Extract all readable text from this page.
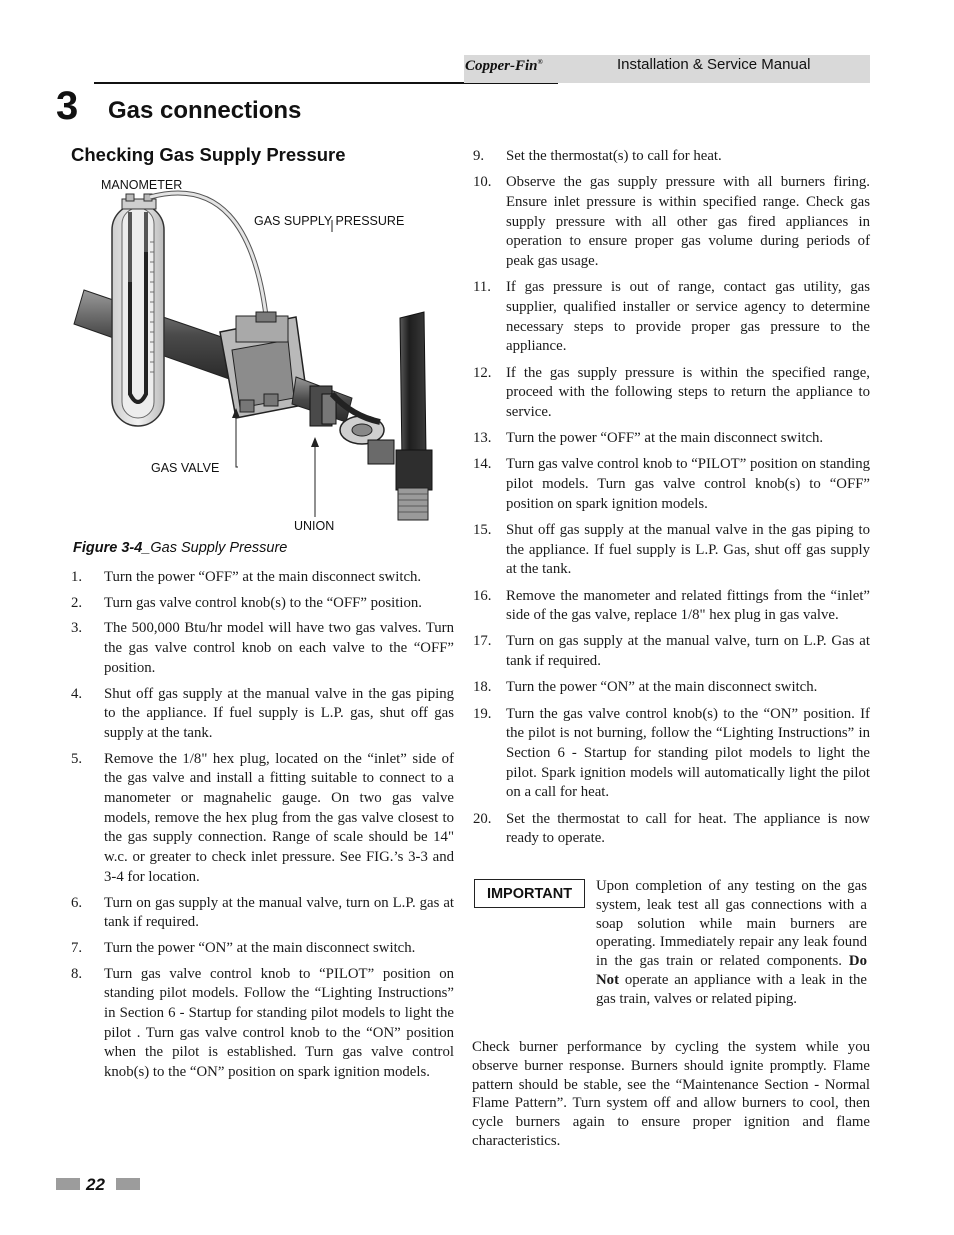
Copper-Fin®	Installation & Service Manual
3 Gas connections
Checking Gas Supply Pressure
MANOMETER
GAS SUPPLY PRESSURE
GAS VALVE
UNION
Figure 3-4_Gas Supply Pressure
1. Turn the power “OFF” at the main disconnect switch.
2. Turn gas valve control knob(s) to the “OFF” position.
3. The 500,000 Btu/hr model will have two gas valves. Turn the gas valve control knob on each valve to the “OFF” position.
4. Shut off gas supply at the manual valve in the gas piping to the appliance. If fuel supply is L.P. gas, shut off gas supply at the tank.
5. Remove the 1/8" hex plug, located on the “inlet” side of the gas valve and install a fitting suitable to connect to a manometer or magnahelic gauge. On two gas valve models, remove the hex plug from the gas valve closest to the gas supply connection. Range of scale should be 14" w.c. or greater to check inlet pressure. See FIG.’s 3-3 and 3-4 for location.
6. Turn on gas supply at the manual valve, turn on L.P. gas at tank if required.
7. Turn the power “ON” at the main disconnect switch.
8. Turn gas valve control knob to “PILOT” position on standing pilot models. Follow the “Lighting Instructions” in Section 6 - Startup for standing pilot models to light the pilot . Turn gas valve control knob to the “ON” position when the pilot is established. Turn gas valve control knob(s) to the “ON” position on spark ignition models.
9. Set the thermostat(s) to call for heat.
10. Observe the gas supply pressure with all burners firing. Ensure inlet pressure is within specified range. Check gas supply pressure with all other gas fired appliances in operation to ensure proper gas volume during periods of peak gas usage.
11. If gas pressure is out of range, contact gas utility, gas supplier, qualified installer or service agency to determine necessary steps to provide proper gas pressure to the appliance.
12. If the gas supply pressure is within the specified range, proceed with the following steps to return the appliance to service.
13. Turn the power “OFF” at the main disconnect switch.
14. Turn gas valve control knob to “PILOT” position on standing pilot models. Turn gas valve control knob(s) to “OFF” position on spark ignition models.
15. Shut off gas supply at the manual valve in the gas piping to the appliance. If fuel supply is L.P. Gas, shut off gas supply at the tank.
16. Remove the manometer and related fittings from the “inlet” side of the gas valve, replace 1/8" hex plug in gas valve.
17. Turn on gas supply at the manual valve, turn on L.P. Gas at tank if required.
18. Turn the power “ON” at the main disconnect switch.
19. Turn the gas valve control knob(s) to the “ON” position. If the pilot is not burning, follow the “Lighting Instructions” in Section 6 - Startup for standing pilot models to light the pilot. Spark ignition models will automatically light the pilot on a call for heat.
20. Set the thermostat to call for heat. The appliance is now ready to operate.
IMPORTANT	Upon completion of any testing on the gas system, leak test all gas connections with a soap solution while main burners are operating. Immediately repair any leak found in the gas train or related components. Do Not operate an appliance with a leak in the gas train, valves or related piping.
Check burner performance by cycling the system while you observe burner response. Burners should ignite promptly. Flame pattern should be stable, see the “Maintenance Section - Normal Flame Pattern”. Turn system off and allow burners to cool, then cycle burners again to ensure proper ignition and flame characteristics.
22
